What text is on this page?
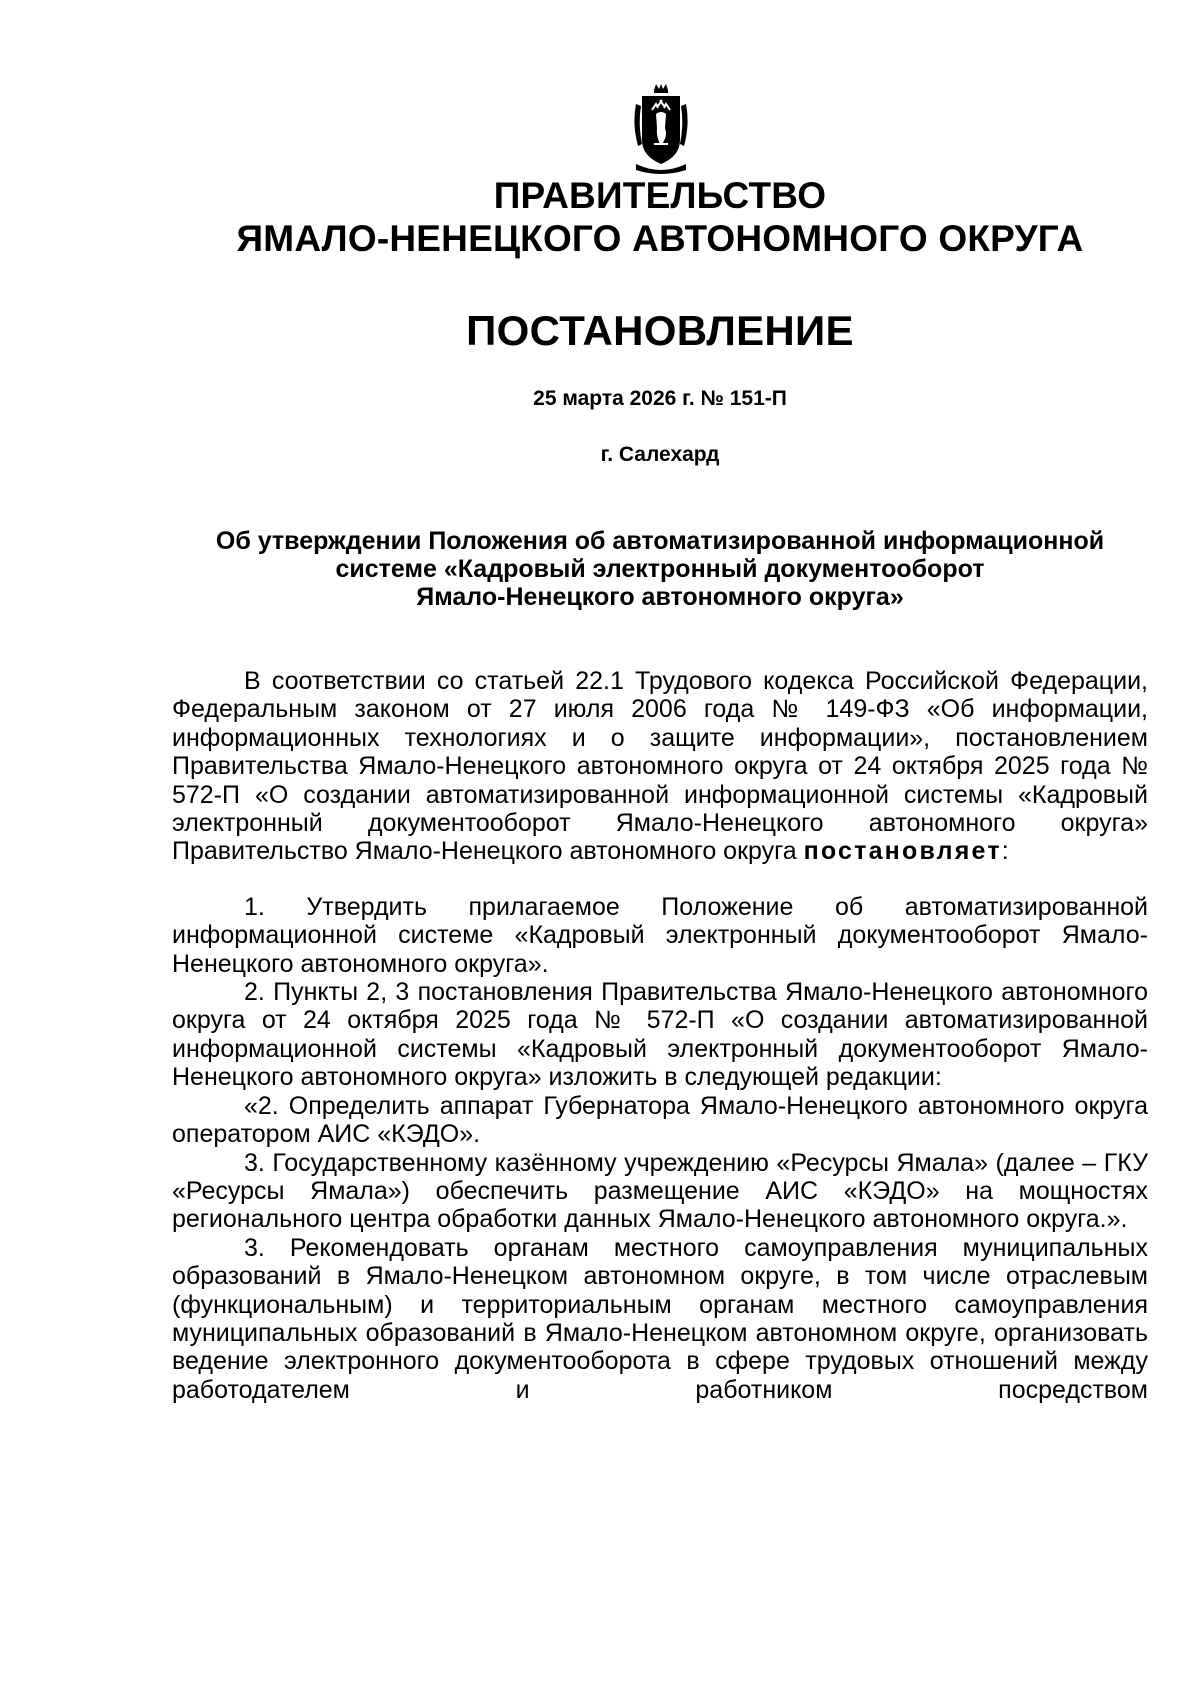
ПРАВИТЕЛЬСТВО
ЯМАЛО-НЕНЕЦКОГО АВТОНОМНОГО ОКРУГА
ПОСТАНОВЛЕНИЕ
25 марта 2026 г. № 151-П
г. Салехард
Об утверждении Положения об автоматизированной информационной
системе «Кадровый электронный документооборот
Ямало-Ненецкого автономного округа»

В соответствии со статьей 22.1 Трудового кодекса Российской Федерации, Федеральным законом от 27 июля 2006 года № 149-ФЗ «Об информации, информационных технологиях и о защите информации», постановлением Правительства Ямало-Ненецкого автономного округа от 24 октября 2025 года № 572-П «О создании автоматизированной информационной системы «Кадровый электронный документооборот Ямало-Ненецкого автономного округа» Правительство Ямало-Ненецкого автономного округа постановляет:

1. Утвердить прилагаемое Положение об автоматизированной информационной системе «Кадровый электронный документооборот Ямало-Ненецкого автономного округа».

2. Пункты 2, 3 постановления Правительства Ямало-Ненецкого автономного округа от 24 октября 2025 года № 572-П «О создании автоматизированной информационной системы «Кадровый электронный документооборот Ямало-Ненецкого автономного округа» изложить в следующей редакции:

«2. Определить аппарат Губернатора Ямало-Ненецкого автономного округа оператором АИС «КЭДО».

3. Государственному казённому учреждению «Ресурсы Ямала» (далее – ГКУ «Ресурсы Ямала») обеспечить размещение АИС «КЭДО» на мощностях регионального центра обработки данных Ямало-Ненецкого автономного округа.».

3. Рекомендовать органам местного самоуправления муниципальных образований в Ямало-Ненецком автономном округе, в том числе отраслевым (функциональным) и территориальным органам местного самоуправления муниципальных образований в Ямало-Ненецком автономном округе, организовать ведение электронного документооборота в сфере трудовых отношений между работодателем и работником посредством
